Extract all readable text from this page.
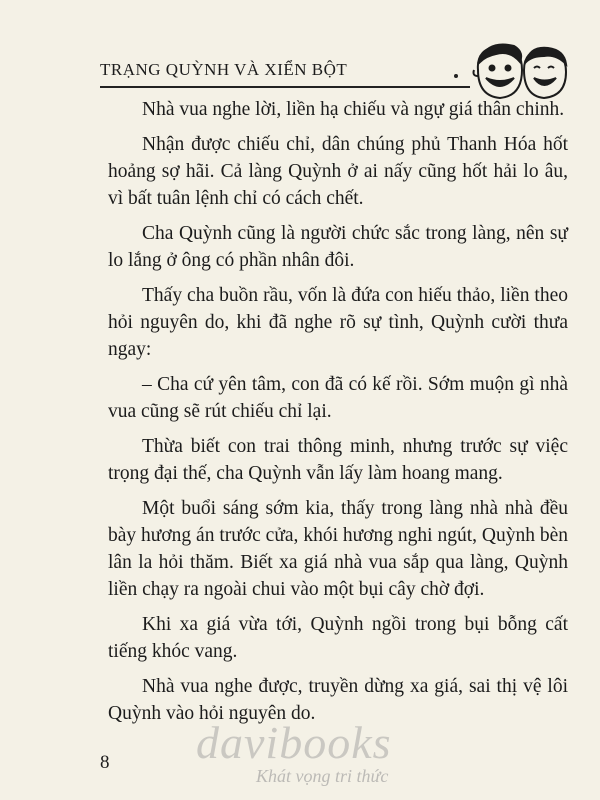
TRẠNG QUỲNH VÀ XIỂN BỘT

Nhà vua nghe lời, liền hạ chiếu và ngự giá thân chinh.

Nhận được chiếu chỉ, dân chúng phủ Thanh Hóa hốt hoảng sợ hãi. Cả làng Quỳnh ở ai nấy cũng hốt hải lo âu, vì bất tuân lệnh chỉ có cách chết.

Cha Quỳnh cũng là người chức sắc trong làng, nên sự lo lắng ở ông có phần nhân đôi.

Thấy cha buồn rầu, vốn là đứa con hiếu thảo, liền theo hỏi nguyên do, khi đã nghe rõ sự tình, Quỳnh cười thưa ngay:

– Cha cứ yên tâm, con đã có kế rồi. Sớm muộn gì nhà vua cũng sẽ rút chiếu chỉ lại.

Thừa biết con trai thông minh, nhưng trước sự việc trọng đại thế, cha Quỳnh vẫn lấy làm hoang mang.

Một buổi sáng sớm kia, thấy trong làng nhà nhà đều bày hương án trước cửa, khói hương nghi ngút, Quỳnh bèn lân la hỏi thăm. Biết xa giá nhà vua sắp qua làng, Quỳnh liền chạy ra ngoài chui vào một bụi cây chờ đợi.

Khi xa giá vừa tới, Quỳnh ngồi trong bụi bỗng cất tiếng khóc vang.

Nhà vua nghe được, truyền dừng xa giá, sai thị vệ lôi Quỳnh vào hỏi nguyên do.

davibooks
Khát vọng tri thức
8
